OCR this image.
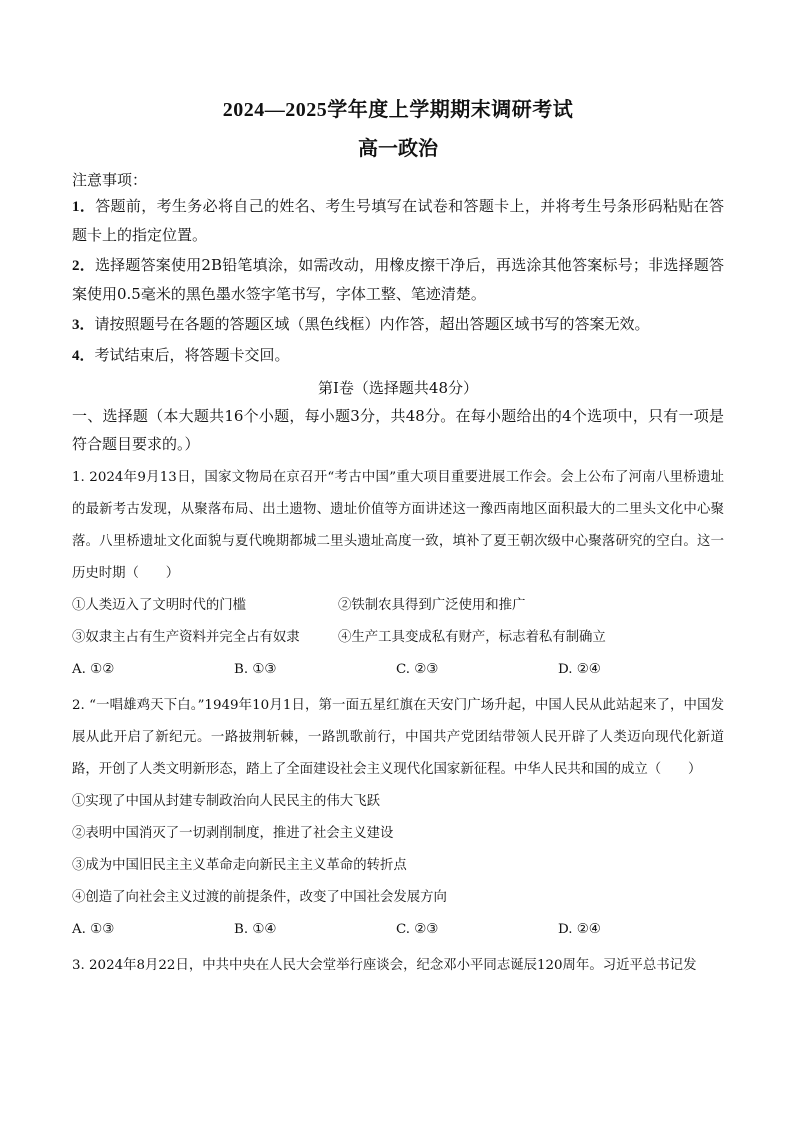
2024—2025学年度上学期期末调研考试
高一政治
注意事项：
1．答题前，考生务必将自己的姓名、考生号填写在试卷和答题卡上，并将考生号条形码粘贴在答题卡上的指定位置。
2．选择题答案使用2B铅笔填涂，如需改动，用橡皮擦干净后，再选涂其他答案标号；非选择题答案使用0.5毫米的黑色墨水签字笔书写，字体工整、笔迹清楚。
3．请按照题号在各题的答题区域（黑色线框）内作答，超出答题区域书写的答案无效。
4．考试结束后，将答题卡交回。
第Ⅰ卷（选择题共48分）
一、选择题（本大题共16个小题，每小题3分，共48分。在每小题给出的4个选项中，只有一项是符合题目要求的。）
1. 2024年9月13日，国家文物局在京召开“考古中国”重大项目重要进展工作会。会上公布了河南八里桥遗址的最新考古发现，从聚落布局、出土遗物、遗址价值等方面讲述这一豫西南地区面积最大的二里头文化中心聚落。八里桥遗址文化面貌与夏代晚期都城二里头遗址高度一致，填补了夏王朝次级中心聚落研究的空白。这一历史时期（　　）
①人类迈入了文明时代的门槛	②铁制农具得到广泛使用和推广
③奴隶主占有生产资料并完全占有奴隶	④生产工具变成私有财产，标志着私有制确立
A. ①②	B. ①③	C. ②③	D. ②④
2. “一唱雄鸡天下白。”1949年10月1日，第一面五星红旗在天安门广场升起，中国人民从此站起来了，中国发展从此开启了新纪元。一路披荆斩棘，一路凯歌前行，中国共产党团结带领人民开辟了人类迈向现代化新道路，开创了人类文明新形态，踏上了全面建设社会主义现代化国家新征程。中华人民共和国的成立（　　）
①实现了中国从封建专制政治向人民民主的伟大飞跃
②表明中国消灭了一切剥削制度，推进了社会主义建设
③成为中国旧民主主义革命走向新民主主义革命的转折点
④创造了向社会主义过渡的前提条件，改变了中国社会发展方向
A. ①③	B. ①④	C. ②③	D. ②④
3. 2024年8月22日，中共中央在人民大会堂举行座谈会，纪念邓小平同志诞辰120周年。习近平总书记发
